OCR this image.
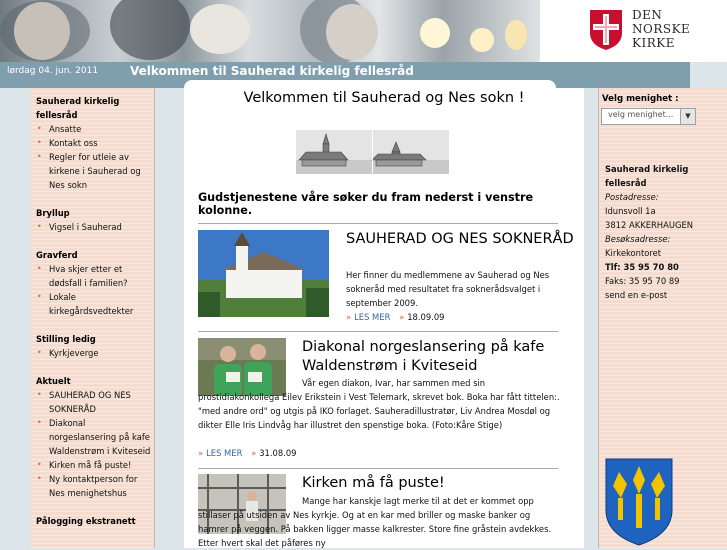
DEN
NORSKE
KIRKE
lørdag 04. jun. 2011	Velkommen til Sauherad kirkelig fellesråd
Sauherad kirkelig fellesråd
• Ansatte
• Kontakt oss
• Regler for utleie av kirkene i Sauherad og Nes sokn
Bryllup
• Vigsel i Sauherad
Gravferd
• Hva skjer etter et dødsfall i familien?
• Lokale kirkegårdsvedtekter
Stilling ledig
• Kyrkjeverge
Aktuelt
• SAUHERAD OG NES SOKNERÅD
• Diakonal norgeslansering på kafe Waldenstrøm i Kviteseid
• Kirken må få puste!
• Ny kontaktperson for Nes menighetshus
Pålogging ekstranett
Velkommen til Sauherad og Nes sokn !
Gudstjenestene våre søker du fram nederst i venstre kolonne.
SAUHERAD OG NES SOKNERÅD
Her finner du medlemmene av Sauherad og Nes sokneråd med resultatet fra soknerådsvalget i september 2009.
» LES MER » 18.09.09
Diakonal norgeslansering på kafe Waldenstrøm i Kviteseid
Vår egen diakon, Ivar, har sammen med sin prostidiakonkollega Eilev Erikstein i Vest Telemark, skrevet bok. Boka har fått tittelen:. "med andre ord" og utgis på IKO forlaget. Sauheradillustratør, Liv Andrea Mosdøl og dikter Elle Iris Lindvåg har illustret den spenstige boka. (Foto:Kåre Stige)
» LES MER » 31.08.09
Kirken må få puste!
Mange har kanskje lagt merke til at det er kommet opp stillaser på utsiden av Nes kyrkje. Og at en kar med briller og maske banker og hamrer på veggen. På bakken ligger masse kalkrester. Store fine gråstein avdekkes. Etter hvert skal det påføres ny
Velg menighet :
velg menighet...	▼
Sauherad kirkelig fellesråd
Postadresse:
Idunsvoll 1a
3812 AKKERHAUGEN
Besøksadresse:
Kirkekontoret
Tlf: 35 95 70 80
Faks: 35 95 70 89
send en e-post
